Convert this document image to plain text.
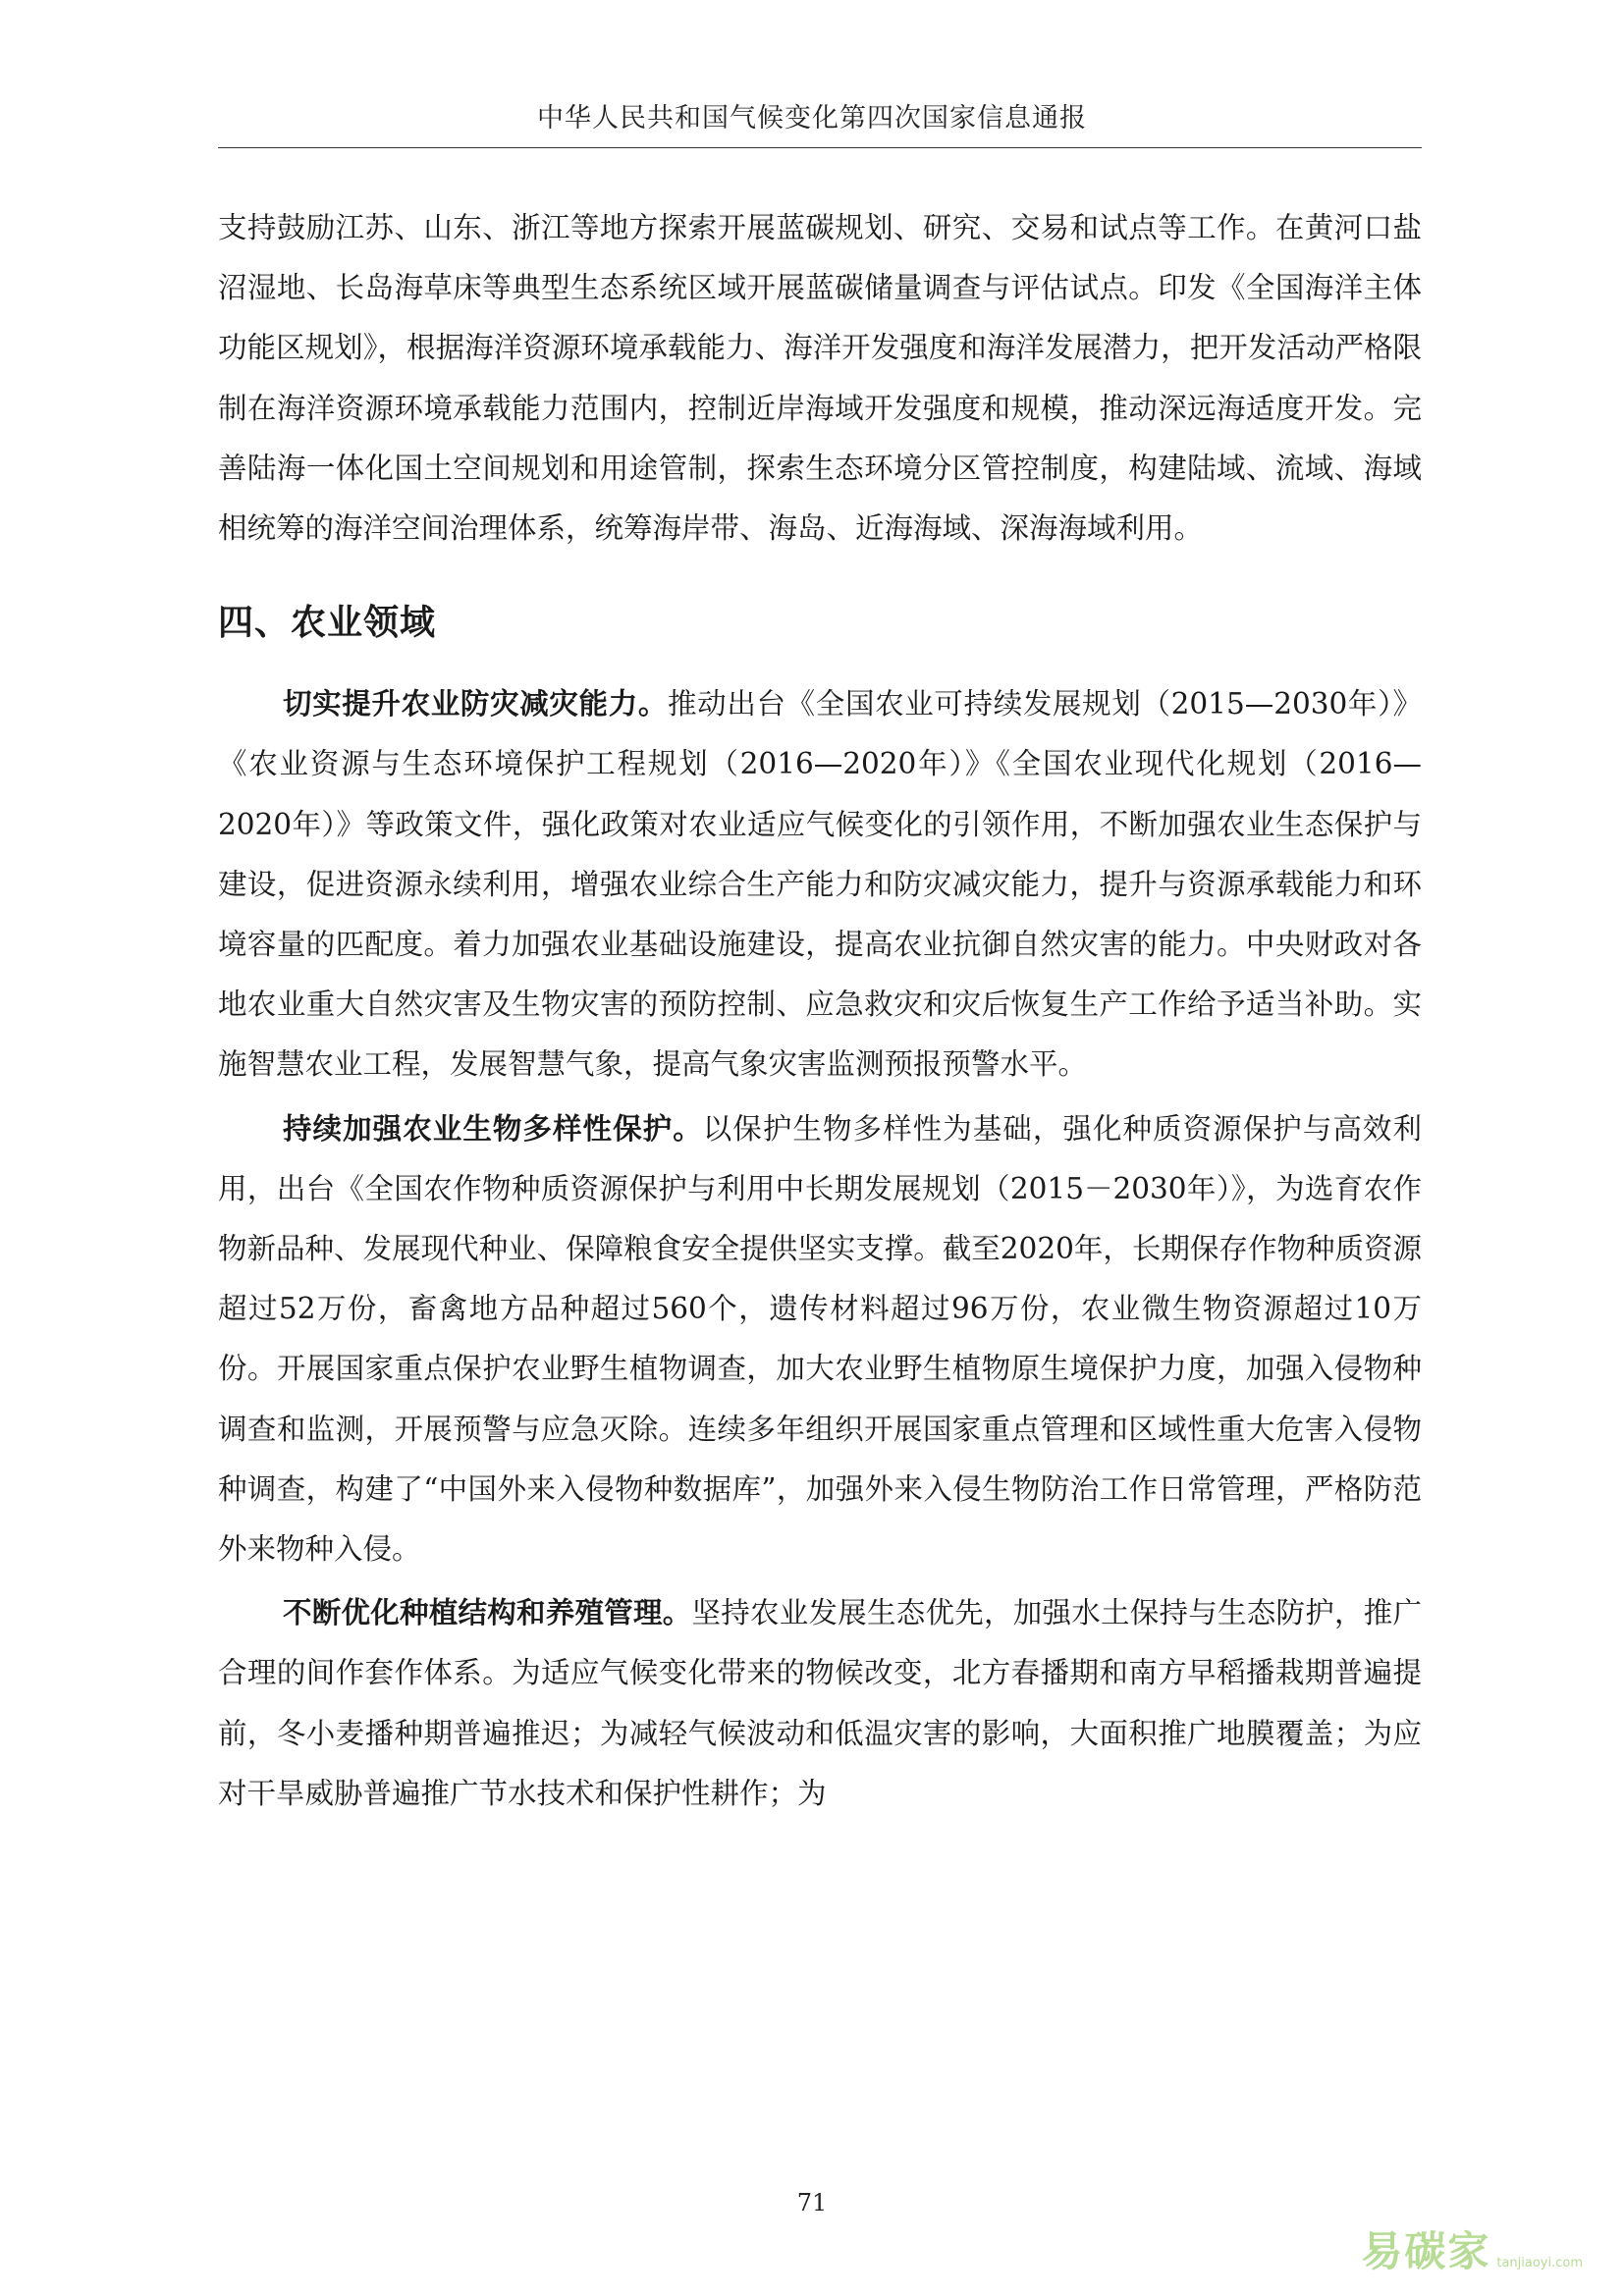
中华人民共和国气候变化第四次国家信息通报

支持鼓励江苏、山东、浙江等地方探索开展蓝碳规划、研究、交易和试点等工作。在黄河口盐沼湿地、长岛海草床等典型生态系统区域开展蓝碳储量调查与评估试点。印发《全国海洋主体功能区规划》，根据海洋资源环境承载能力、海洋开发强度和海洋发展潜力，把开发活动严格限制在海洋资源环境承载能力范围内，控制近岸海域开发强度和规模，推动深远海适度开发。完善陆海一体化国土空间规划和用途管制，探索生态环境分区管控制度，构建陆域、流域、海域相统筹的海洋空间治理体系，统筹海岸带、海岛、近海海域、深海海域利用。

四、农业领域

切实提升农业防灾减灾能力。推动出台《全国农业可持续发展规划（2015—2030年）》《农业资源与生态环境保护工程规划（2016—2020年）》《全国农业现代化规划（2016—2020年）》等政策文件，强化政策对农业适应气候变化的引领作用，不断加强农业生态保护与建设，促进资源永续利用，增强农业综合生产能力和防灾减灾能力，提升与资源承载能力和环境容量的匹配度。着力加强农业基础设施建设，提高农业抗御自然灾害的能力。中央财政对各地农业重大自然灾害及生物灾害的预防控制、应急救灾和灾后恢复生产工作给予适当补助。实施智慧农业工程，发展智慧气象，提高气象灾害监测预报预警水平。

持续加强农业生物多样性保护。以保护生物多样性为基础，强化种质资源保护与高效利用，出台《全国农作物种质资源保护与利用中长期发展规划（2015－2030年）》，为选育农作物新品种、发展现代种业、保障粮食安全提供坚实支撑。截至2020年，长期保存作物种质资源超过52万份，畜禽地方品种超过560个，遗传材料超过96万份，农业微生物资源超过10万份。开展国家重点保护农业野生植物调查，加大农业野生植物原生境保护力度，加强入侵物种调查和监测，开展预警与应急灭除。连续多年组织开展国家重点管理和区域性重大危害入侵物种调查，构建了“中国外来入侵物种数据库”，加强外来入侵生物防治工作日常管理，严格防范外来物种入侵。

不断优化种植结构和养殖管理。坚持农业发展生态优先，加强水土保持与生态防护，推广合理的间作套作体系。为适应气候变化带来的物候改变，北方春播期和南方早稻播栽期普遍提前，冬小麦播种期普遍推迟；为减轻气候波动和低温灾害的影响，大面积推广地膜覆盖；为应对干旱威胁普遍推广节水技术和保护性耕作；为

71
易碳家 tanjiaoyi.com
